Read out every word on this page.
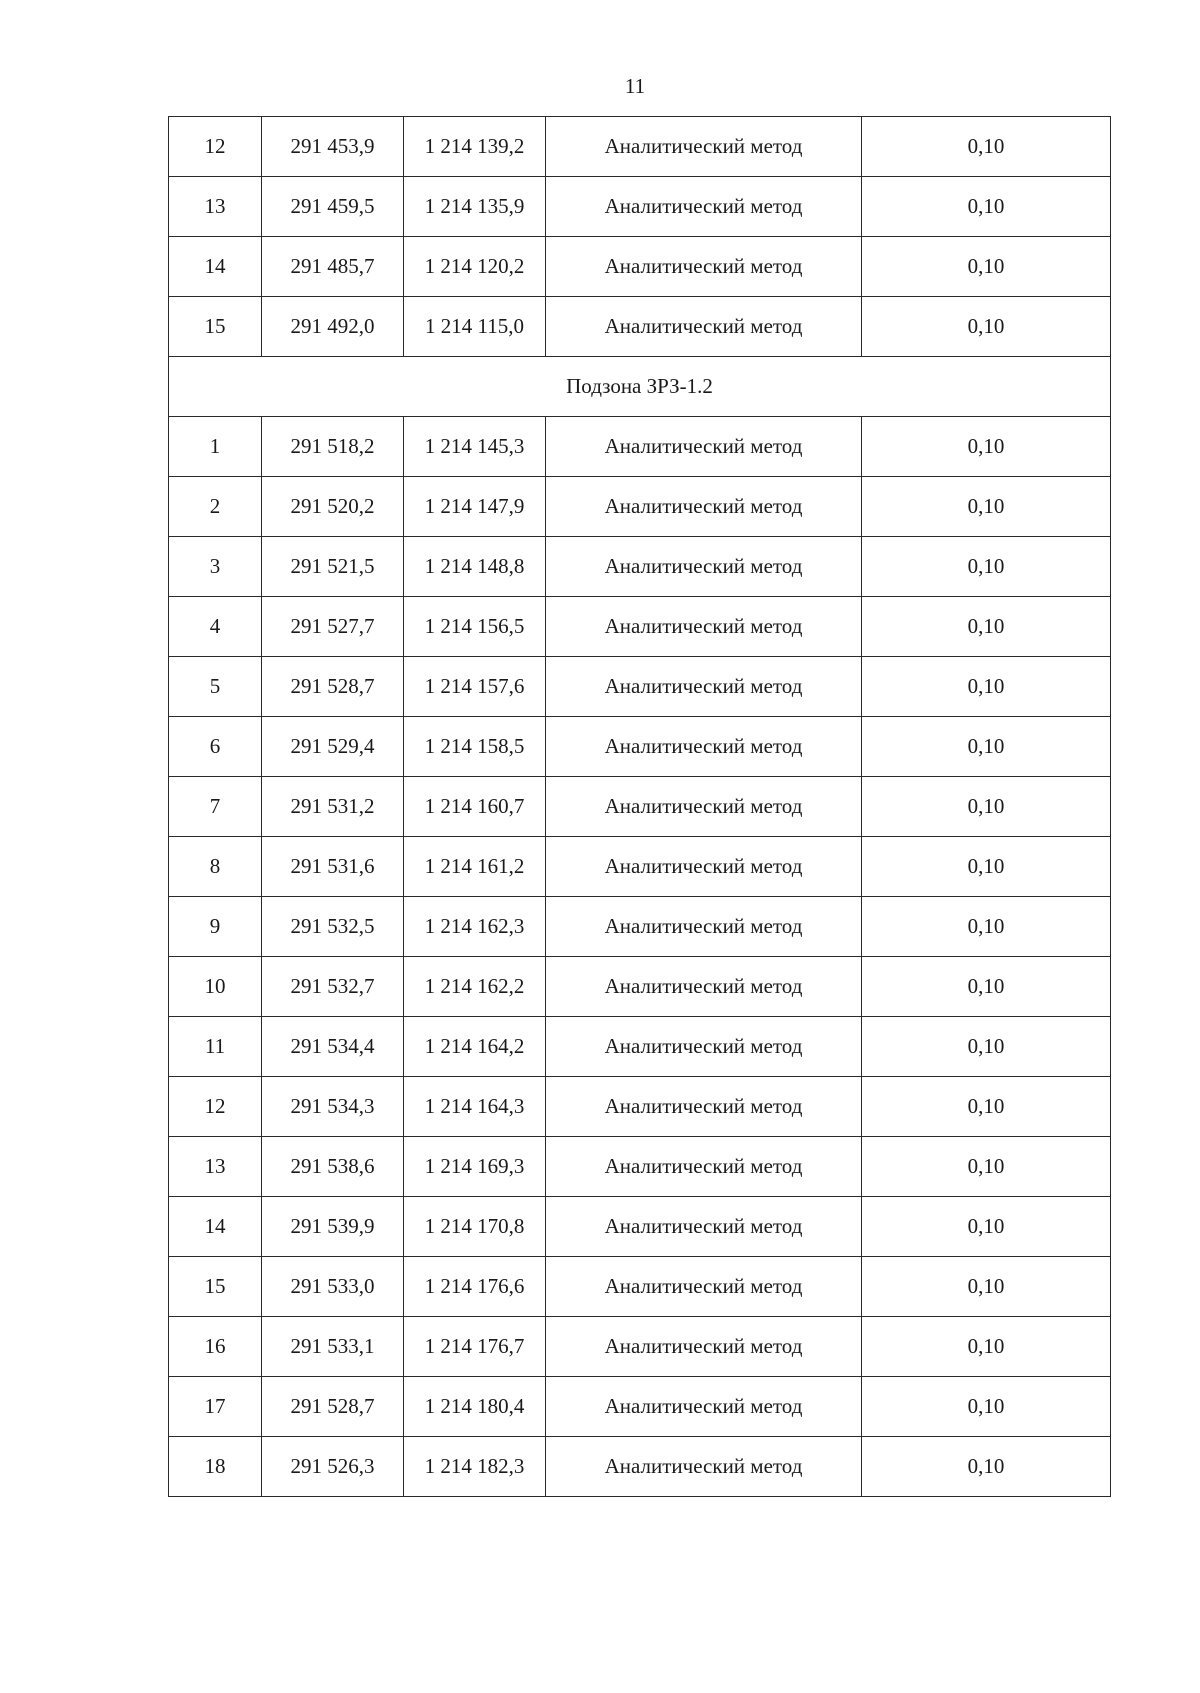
11
12	291 453,9	1 214 139,2	Аналитический метод	0,10
13	291 459,5	1 214 135,9	Аналитический метод	0,10
14	291 485,7	1 214 120,2	Аналитический метод	0,10
15	291 492,0	1 214 115,0	Аналитический метод	0,10
Подзона ЗРЗ-1.2				
1	291 518,2	1 214 145,3	Аналитический метод	0,10
2	291 520,2	1 214 147,9	Аналитический метод	0,10
3	291 521,5	1 214 148,8	Аналитический метод	0,10
4	291 527,7	1 214 156,5	Аналитический метод	0,10
5	291 528,7	1 214 157,6	Аналитический метод	0,10
6	291 529,4	1 214 158,5	Аналитический метод	0,10
7	291 531,2	1 214 160,7	Аналитический метод	0,10
8	291 531,6	1 214 161,2	Аналитический метод	0,10
9	291 532,5	1 214 162,3	Аналитический метод	0,10
10	291 532,7	1 214 162,2	Аналитический метод	0,10
11	291 534,4	1 214 164,2	Аналитический метод	0,10
12	291 534,3	1 214 164,3	Аналитический метод	0,10
13	291 538,6	1 214 169,3	Аналитический метод	0,10
14	291 539,9	1 214 170,8	Аналитический метод	0,10
15	291 533,0	1 214 176,6	Аналитический метод	0,10
16	291 533,1	1 214 176,7	Аналитический метод	0,10
17	291 528,7	1 214 180,4	Аналитический метод	0,10
18	291 526,3	1 214 182,3	Аналитический метод	0,10
